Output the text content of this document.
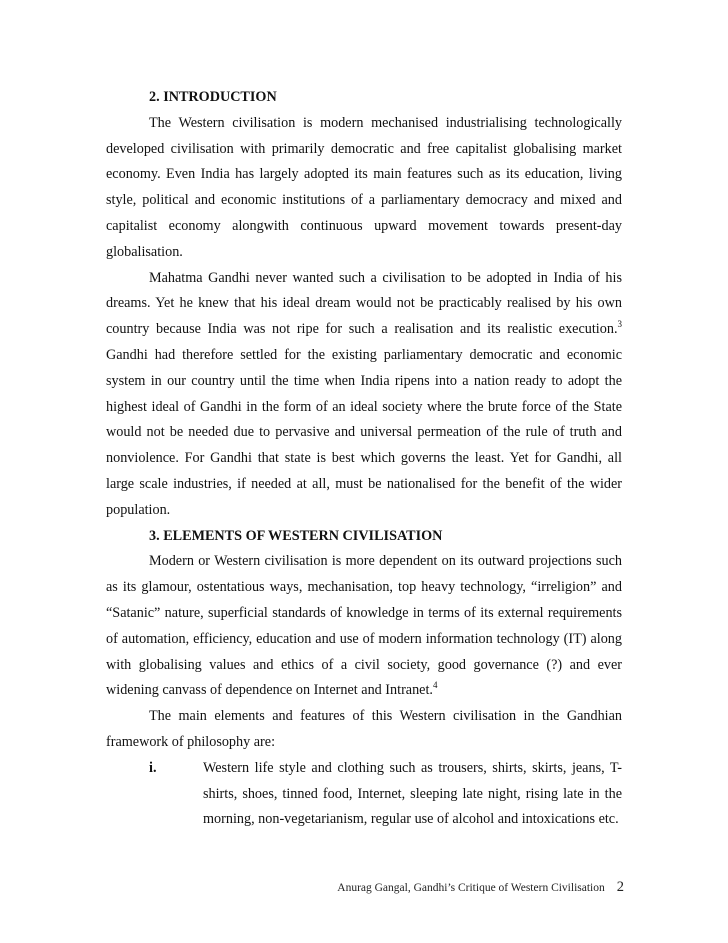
2. INTRODUCTION

The Western civilisation is modern mechanised industrialising technologically developed civilisation with primarily democratic and free capitalist globalising market economy. Even India has largely adopted its main features such as its education, living style, political and economic institutions of a parliamentary democracy and mixed and capitalist economy alongwith continuous upward movement towards present-day globalisation.

Mahatma Gandhi never wanted such a civilisation to be adopted in India of his dreams. Yet he knew that his ideal dream would not be practicably realised by his own country because India was not ripe for such a realisation and its realistic execution.$^3$ Gandhi had therefore settled for the existing parliamentary democratic and economic system in our country until the time when India ripens into a nation ready to adopt the highest ideal of Gandhi in the form of an ideal society where the brute force of the State would not be needed due to pervasive and universal permeation of the rule of truth and nonviolence. For Gandhi that state is best which governs the least. Yet for Gandhi, all large scale industries, if needed at all, must be nationalised for the benefit of the wider population.

3. ELEMENTS OF WESTERN CIVILISATION

Modern or Western civilisation is more dependent on its outward projections such as its glamour, ostentatious ways, mechanisation, top heavy technology, “irreligion” and “Satanic” nature, superficial standards of knowledge in terms of its external requirements of automation, efficiency, education and use of modern information technology (IT) along with globalising values and ethics of a civil society, good governance (?) and ever widening canvass of dependence on Internet and Intranet.$^4$

The main elements and features of this Western civilisation in the Gandhian framework of philosophy are:

i.	Western life style and clothing such as trousers, shirts, skirts, jeans, T-shirts, shoes, tinned food, Internet, sleeping late night, rising late in the morning, non-vegetarianism, regular use of alcohol and intoxications etc.

Anurag Gangal, Gandhi’s Critique of Western Civilisation 2
